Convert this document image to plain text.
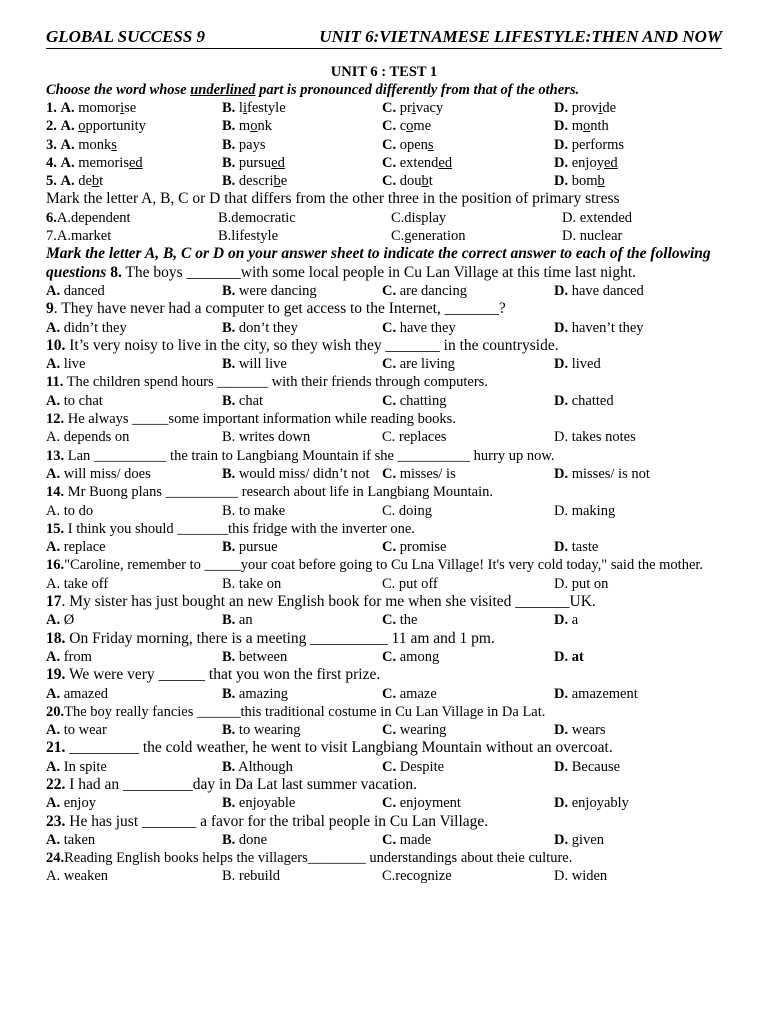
GLOBAL SUCCESS 9	UNIT 6:VIETNAMESE LIFESTYLE:THEN AND NOW
UNIT 6 : TEST 1
Choose the word whose underlined part is pronounced differently from that of the others.
1. A. momorise	B. lifestyle	C. privacy	D. provide
2. A. opportunity	B. monk	C. come	D. month
3. A. monks	B. pays	C. opens	D. performs
4. A. memorised	B. pursued	C. extended	D. enjoyed
5. A. debt	B. describe	C. doubt	D. bomb
Mark the letter A, B, C or D that differs from the other three in the position of primary stress
6.A.dependent	B.democratic	C.display	D. extended
7.A.market	B.lifestyle	C.generation	D. nuclear
Mark the letter A, B, C or D on your answer sheet to indicate the correct answer to each of the following questions 8. The boys _______with some local people in Cu Lan Village at this time last night.
A. danced	B. were dancing	C. are dancing	D. have danced
9. They have never had a computer to get access to the Internet, _______?
A. didn’t they	B. don’t they	C. have they	D. haven’t they
10. It’s very noisy to live in the city, so they wish they _______ in the countryside.
A. live	B. will live	C. are living	D. lived
11. The children spend hours _______ with their friends through computers.
A. to chat	B. chat	C. chatting	D. chatted
12. He always _____some important information while reading books.
A. depends on	B. writes down	C. replaces	D. takes notes
13. Lan __________ the train to Langbiang Mountain if she __________ hurry up now.
A. will miss/ does	B. would miss/ didn’t not C. misses/ is	D. misses/ is not
14. Mr Buong plans __________ research about life in Langbiang Mountain.
A. to do	B. to make	C. doing	D. making
15. I think you should _______this fridge with the inverter one.
A. replace	B. pursue	C. promise	D. taste
16."Caroline, remember to _____your coat before going to Cu Lna Village! It's very cold today," said the mother.
A. take off	B. take on	C. put off	D. put on
17. My sister has just bought an new English book for me when she visited _______UK.
A. Ø	B. an	C. the	D. a
18. On Friday morning, there is a meeting __________ 11 am and 1 pm.
A. from	B. between	C. among	D. at
19. We were very ______ that you won the first prize.
A. amazed	B. amazing	C. amaze	D. amazement
20.The boy really fancies ______this traditional costume in Cu Lan Village in Da Lat.
A. to wear	B. to wearing	C. wearing	D. wears
21. _________ the cold weather, he went to visit Langbiang Mountain without an overcoat.
A. In spite	B. Although	C. Despite	D. Because
22. I had an _________day in Da Lat last summer vacation.
A. enjoy	B. enjoyable	C. enjoyment	D. enjoyably
23. He has just _______ a favor for the tribal people in Cu Lan Village.
A. taken	B. done	C. made	D. given
24.Reading English books helps the villagers________ understandings about theie culture.
A. weaken	B. rebuild	C.recognize	D. widen
